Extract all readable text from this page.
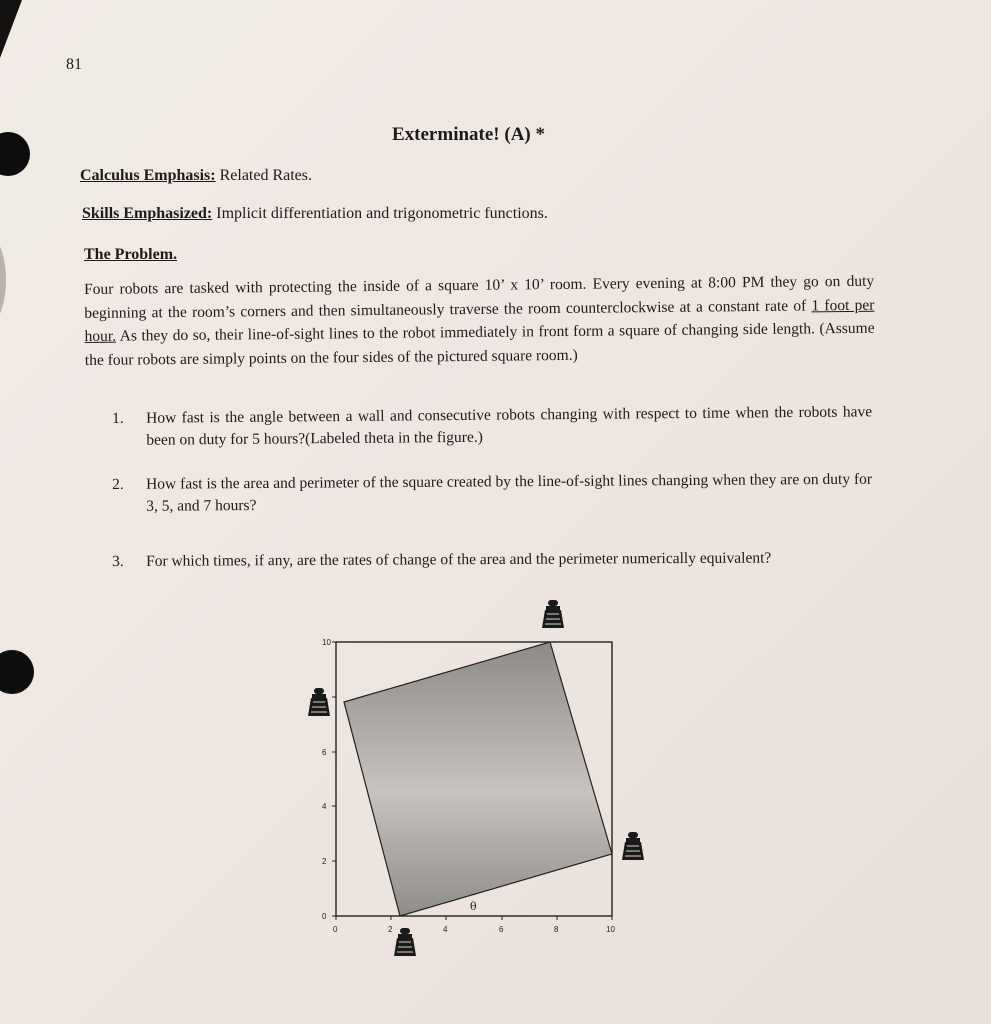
81
Exterminate! (A) *
Calculus Emphasis: Related Rates.
Skills Emphasized: Implicit differentiation and trigonometric functions.
The Problem.
Four robots are tasked with protecting the inside of a square 10’ x 10’ room. Every evening at 8:00 PM they go on duty beginning at the room’s corners and then simultaneously traverse the room counterclockwise at a constant rate of 1 foot per hour. As they do so, their line-of-sight lines to the robot immediately in front form a square of changing side length. (Assume the four robots are simply points on the four sides of the pictured square room.)
1. How fast is the angle between a wall and consecutive robots changing with respect to time when the robots have been on duty for 5 hours?(Labeled theta in the figure.)
2. How fast is the area and perimeter of the square created by the line-of-sight lines changing when they are on duty for 3, 5, and 7 hours?
3. For which times, if any, are the rates of change of the area and the perimeter numerically equivalent?
0
2
4
6
10
0	2	4	6	8	10
θ
